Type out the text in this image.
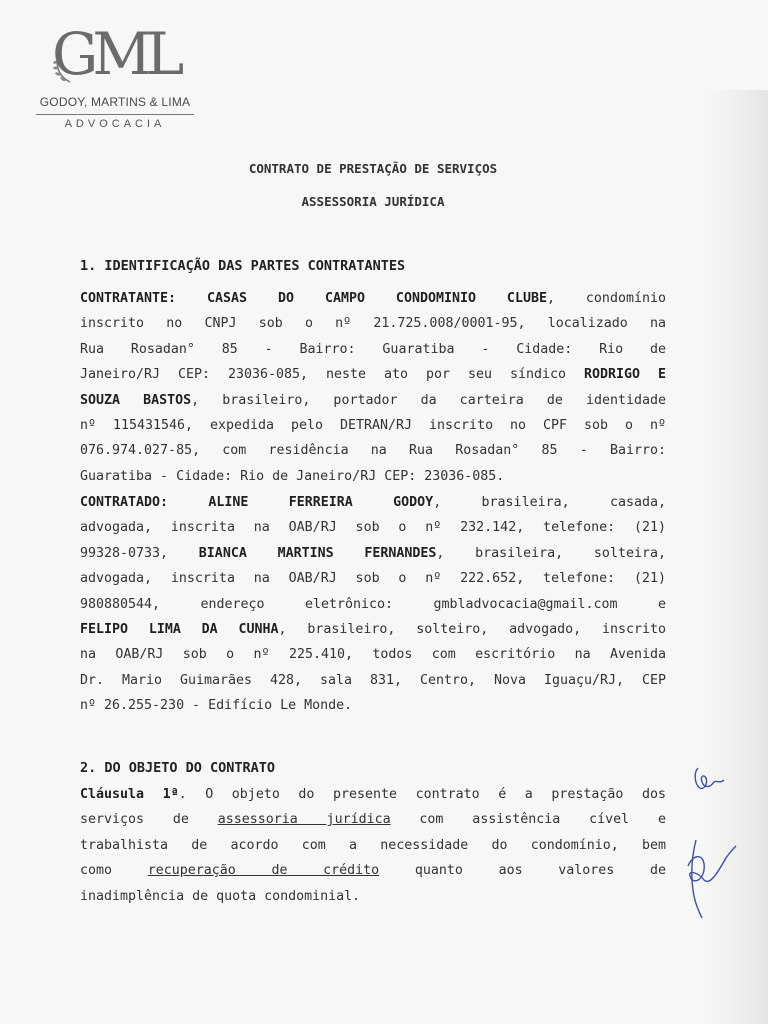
GML
GODOY, MARTINS & LIMA
ADVOCACIA
CONTRATO DE PRESTAÇÃO DE SERVIÇOS
ASSESSORIA JURÍDICA
1. IDENTIFICAÇÃO DAS PARTES CONTRATANTES
CONTRATANTE: CASAS DO CAMPO CONDOMINIO CLUBE, condomínio
inscrito no CNPJ sob o nº 21.725.008/0001-95, localizado na
Rua Rosadan° 85 - Bairro: Guaratiba - Cidade: Rio de
Janeiro/RJ CEP: 23036-085, neste ato por seu síndico RODRIGO E
SOUZA BASTOS, brasileiro, portador da carteira de identidade
nº 115431546, expedida pelo DETRAN/RJ inscrito no CPF sob o nº
076.974.027-85, com residência na Rua Rosadan° 85 - Bairro:
Guaratiba - Cidade: Rio de Janeiro/RJ CEP: 23036-085.
CONTRATADO: ALINE FERREIRA GODOY, brasileira, casada,
advogada, inscrita na OAB/RJ sob o nº 232.142, telefone: (21)
99328-0733, BIANCA MARTINS FERNANDES, brasileira, solteira,
advogada, inscrita na OAB/RJ sob o nº 222.652, telefone: (21)
980880544, endereço eletrônico: gmbladvocacia@gmail.com e
FELIPO LIMA DA CUNHA, brasileiro, solteiro, advogado, inscrito
na OAB/RJ sob o nº 225.410, todos com escritório na Avenida
Dr. Mario Guimarães 428, sala 831, Centro, Nova Iguaçu/RJ, CEP
nº 26.255-230 - Edifício Le Monde.
2. DO OBJETO DO CONTRATO
Cláusula 1ª. O objeto do presente contrato é a prestação dos
serviços de assessoria jurídica com assistência cível e
trabalhista de acordo com a necessidade do condomínio, bem
como recuperação de crédito quanto aos valores de
inadimplência de quota condominial.
